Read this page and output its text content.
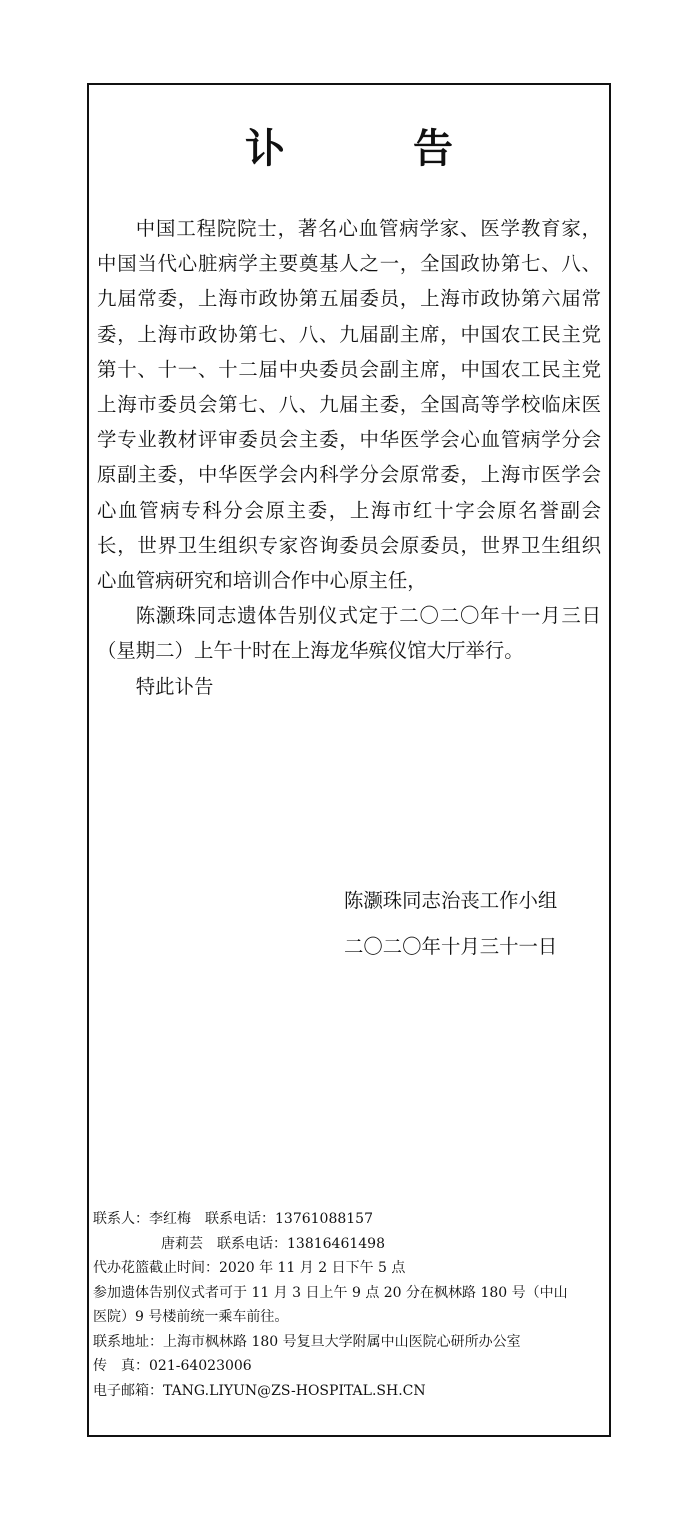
讣　告

中国工程院院士，著名心血管病学家、医学教育家，中国当代心脏病学主要奠基人之一，全国政协第七、八、九届常委，上海市政协第五届委员，上海市政协第六届常委，上海市政协第七、八、九届副主席，中国农工民主党第十、十一、十二届中央委员会副主席，中国农工民主党上海市委员会第七、八、九届主委，全国高等学校临床医学专业教材评审委员会主委，中华医学会心血管病学分会原副主委，中华医学会内科学分会原常委，上海市医学会心血管病专科分会原主委，上海市红十字会原名誉副会长，世界卫生组织专家咨询委员会原委员，世界卫生组织心血管病研究和培训合作中心原主任，

陈灏珠同志遗体告别仪式定于二〇二〇年十一月三日（星期二）上午十时在上海龙华殡仪馆大厅举行。

特此讣告

陈灏珠同志治丧工作小组
二〇二〇年十月三十一日
联系人：李红梅 联系电话：13761088157
唐莉芸 联系电话：13816461498
代办花篮截止时间：2020 年 11 月 2 日下午 5 点
参加遗体告别仪式者可于 11 月 3 日上午 9 点 20 分在枫林路 180 号（中山
医院）9 号楼前统一乘车前往。
联系地址：上海市枫林路 180 号复旦大学附属中山医院心研所办公室
传　真：021-64023006
电子邮箱：TANG.LIYUN@ZS-HOSPITAL.SH.CN
